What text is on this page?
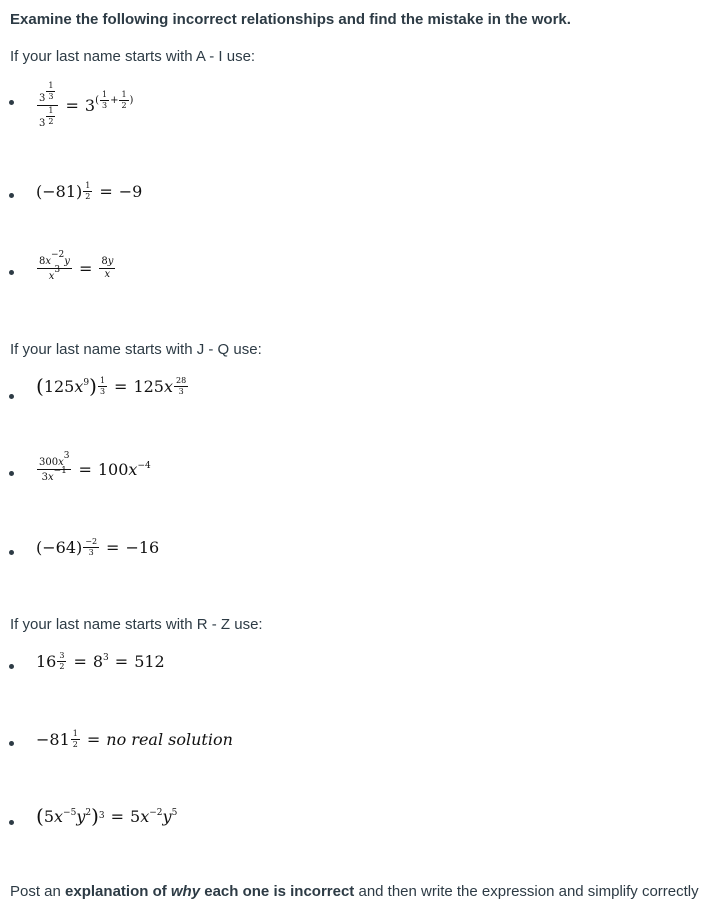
Examine the following incorrect relationships and find the mistake in the work.
If your last name starts with A - I use:
3 $^{\frac{1}{3}}$
3 $^{\frac{1}{2}}$ = 3 ( $\frac{1}{3} + \frac{1}{2}$ )
$(-81) \frac{1}{2} = -9$
$\frac{8x^{-2}y}{x^3} = \frac{8y}{x}$
If your last name starts with J - Q use:
( $125x^9$ ) $\frac{1}{3} = 125x \frac{28}{3}$
$\frac{300x^3}{3x^{-1}} = 100x^{-4}$
$(-64) \frac{-2}{3} = -16$
If your last name starts with R - Z use:
$16 \frac{3}{2} = 8^3 = 512$
$-81 \frac{1}{2}$ = no real solution
( $5x^{-5}y^2$ ) $3 = 5x^{-2}y^5$
Post an explanation of why each one is incorrect and then write the expression and simplify correctly
